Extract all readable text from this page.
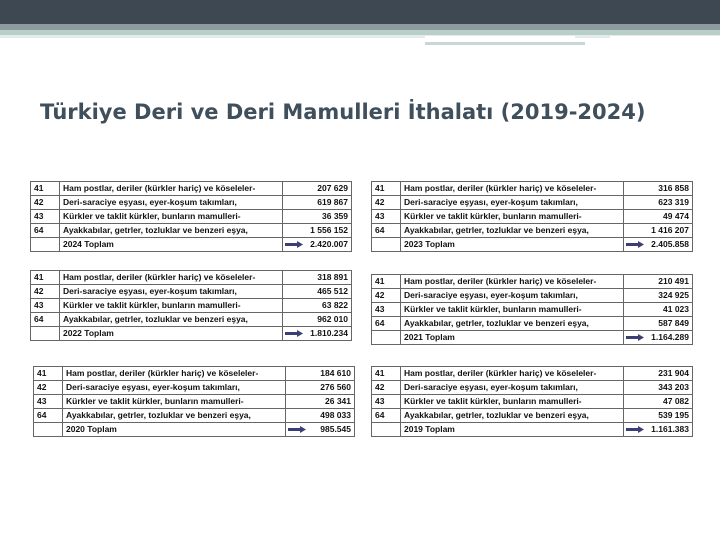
Türkiye Deri ve Deri Mamulleri İthalatı (2019-2024)
41	Ham postlar, deriler (kürkler hariç) ve köseleler-	207 629
42	Deri-saraciye eşyası, eyer-koşum takımları,	619 867
43	Kürkler ve taklit kürkler, bunların mamulleri-	36 359
64	Ayakkabılar, getrler, tozluklar ve benzeri eşya,	1 556 152
	2024 Toplam	2.420.007
41	Ham postlar, deriler (kürkler hariç) ve köseleler-	316 858
42	Deri-saraciye eşyası, eyer-koşum takımları,	623 319
43	Kürkler ve taklit kürkler, bunların mamulleri-	49 474
64	Ayakkabılar, getrler, tozluklar ve benzeri eşya,	1 416 207
	2023 Toplam	2.405.858
41	Ham postlar, deriler (kürkler hariç) ve köseleler-	318 891
42	Deri-saraciye eşyası, eyer-koşum takımları,	465 512
43	Kürkler ve taklit kürkler, bunların mamulleri-	63 822
64	Ayakkabılar, getrler, tozluklar ve benzeri eşya,	962 010
	2022 Toplam	1.810.234
41	Ham postlar, deriler (kürkler hariç) ve köseleler-	210 491
42	Deri-saraciye eşyası, eyer-koşum takımları,	324 925
43	Kürkler ve taklit kürkler, bunların mamulleri-	41 023
64	Ayakkabılar, getrler, tozluklar ve benzeri eşya,	587 849
	2021 Toplam	1.164.289
41	Ham postlar, deriler (kürkler hariç) ve köseleler-	184 610
42	Deri-saraciye eşyası, eyer-koşum takımları,	276 560
43	Kürkler ve taklit kürkler, bunların mamulleri-	26 341
64	Ayakkabılar, getrler, tozluklar ve benzeri eşya,	498 033
	2020 Toplam	985.545
41	Ham postlar, deriler (kürkler hariç) ve köseleler-	231 904
42	Deri-saraciye eşyası, eyer-koşum takımları,	343 203
43	Kürkler ve taklit kürkler, bunların mamulleri-	47 082
64	Ayakkabılar, getrler, tozluklar ve benzeri eşya,	539 195
	2019 Toplam	1.161.383
